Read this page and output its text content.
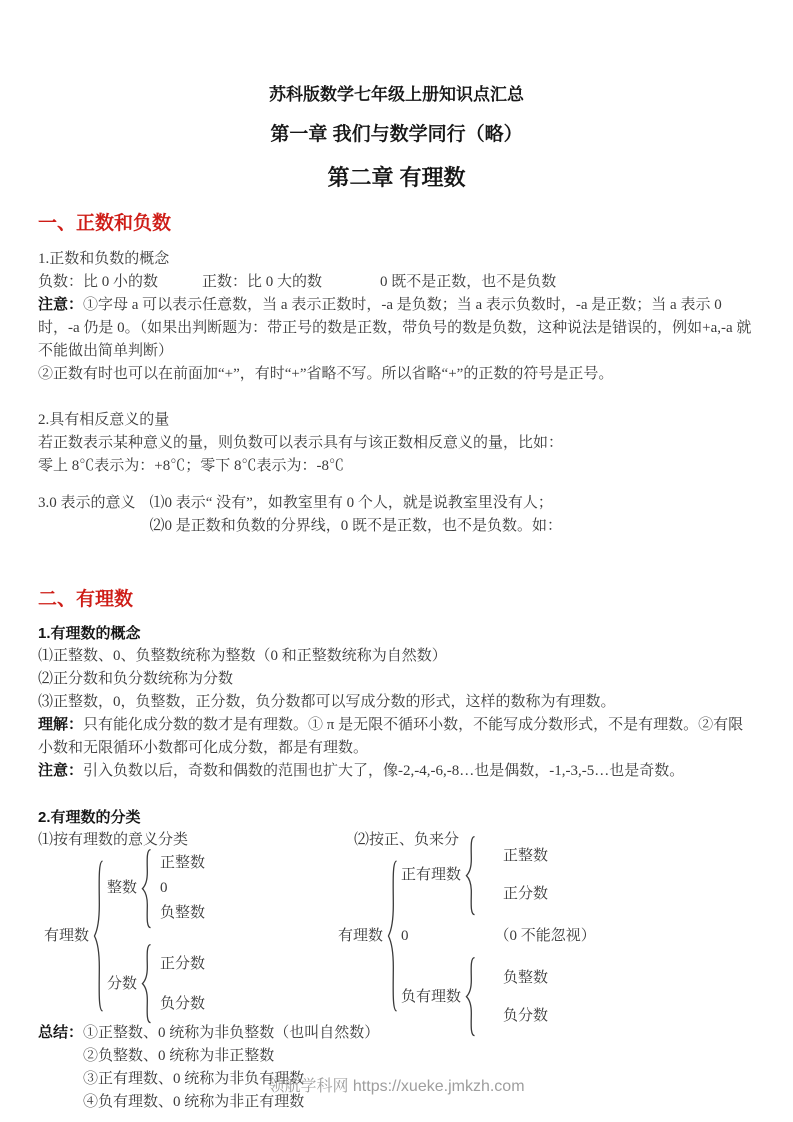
苏科版数学七年级上册知识点汇总
第一章 我们与数学同行（略）
第二章 有理数
一、正数和负数

1.正数和负数的概念

负数：比 0 小的数	正数：比 0 大的数	0 既不是正数，也不是负数

注意：①字母 a 可以表示任意数，当 a 表示正数时，-a 是负数；当 a 表示负数时，-a 是正数；当 a 表示 0 时，-a 仍是 0。（如果出判断题为：带正号的数是正数，带负号的数是负数，这种说法是错误的，例如+a,-a 就不能做出简单判断）

②正数有时也可以在前面加“+”，有时“+”省略不写。所以省略“+”的正数的符号是正号。

2.具有相反意义的量

若正数表示某种意义的量，则负数可以表示具有与该正数相反意义的量，比如：

零上 8℃表示为：+8℃；零下 8℃表示为：-8℃

3.0 表示的意义 ⑴0 表示“ 没有”，如教室里有 0 个人，就是说教室里没有人；
⑵0 是正数和负数的分界线，0 既不是正数，也不是负数。如：
二、有理数

1.有理数的概念

⑴正整数、0、负整数统称为整数（0 和正整数统称为自然数）

⑵正分数和负分数统称为分数

⑶正整数，0，负整数，正分数，负分数都可以写成分数的形式，这样的数称为有理数。

理解：只有能化成分数的数才是有理数。① π 是无限不循环小数，不能写成分数形式，不是有理数。②有限小数和无限循环小数都可化成分数，都是有理数。

注意：引入负数以后，奇数和偶数的范围也扩大了，像-2,-4,-6,-8…也是偶数，-1,-3,-5…也是奇数。

2.有理数的分类

⑴按有理数的意义分类	⑵按正、负来分
有理数
整数
正整数
0
负整数
分数
正分数
负分数
有理数
正有理数
正整数
正分数
0	（0 不能忽视）
负有理数
负整数
负分数
总结： ①正整数、0 统称为非负整数（也叫自然数）
②负整数、0 统称为非正整数
③正有理数、0 统称为非负有理数
④负有理数、0 统称为非正有理数
领航学科网 https://xueke.jmkzh.com
